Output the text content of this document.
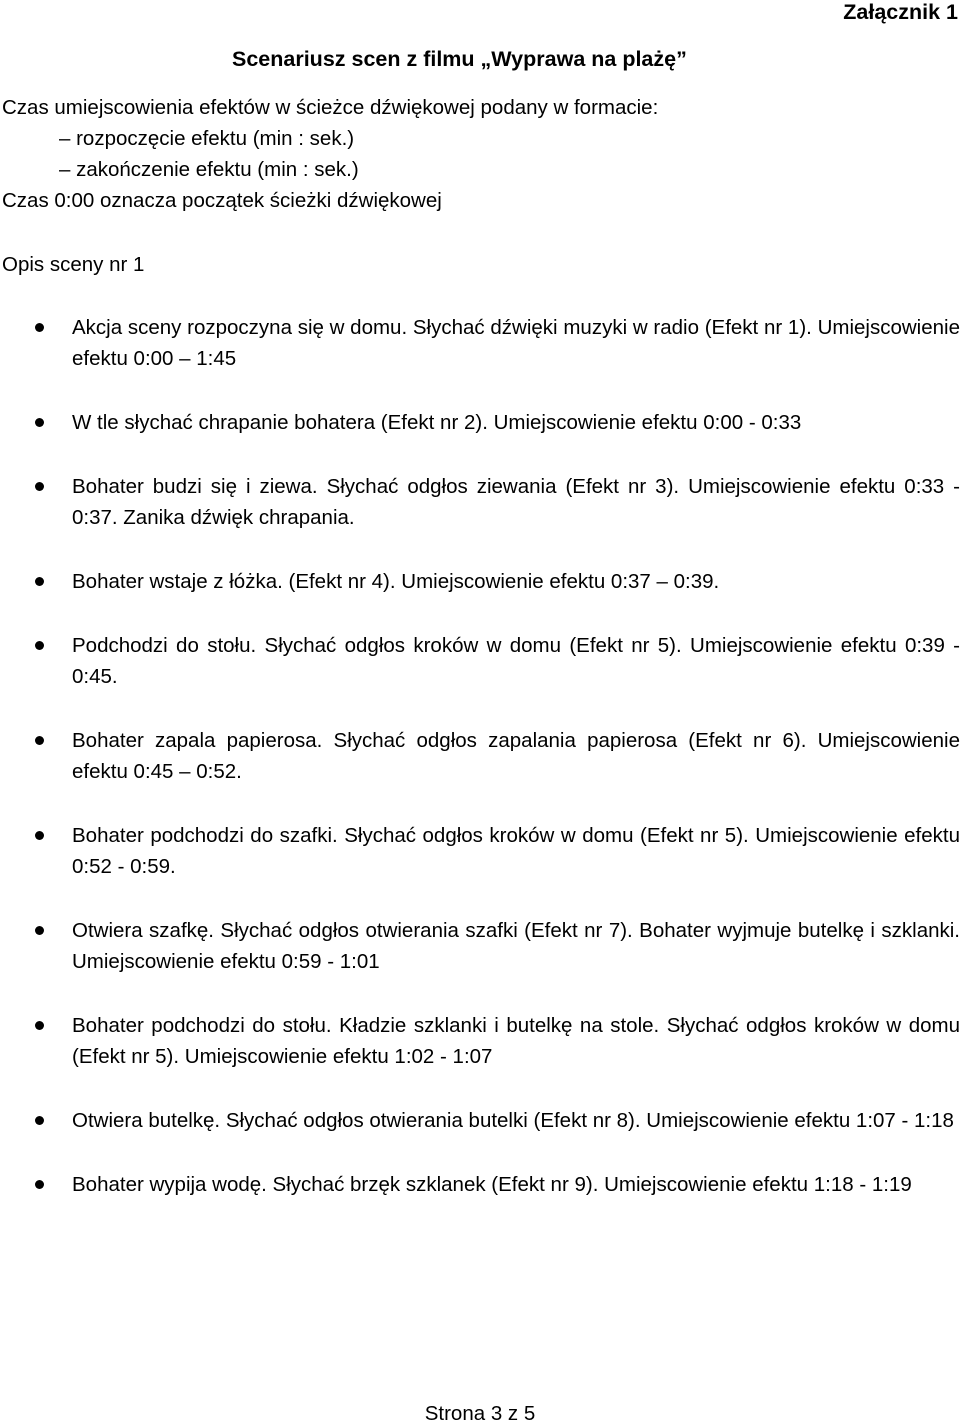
Załącznik 1
Scenariusz scen z filmu „Wyprawa na plażę”
Czas umiejscowienia efektów w ścieżce dźwiękowej podany w formacie:
– rozpoczęcie efektu (min : sek.)
– zakończenie efektu (min : sek.)
Czas 0:00 oznacza początek ścieżki dźwiękowej
Opis sceny nr 1
Akcja sceny rozpoczyna się w domu. Słychać dźwięki muzyki w radio (Efekt nr 1). Umiejscowienie efektu 0:00 – 1:45
W tle słychać chrapanie bohatera (Efekt nr 2). Umiejscowienie efektu 0:00 - 0:33
Bohater budzi się i ziewa. Słychać odgłos ziewania (Efekt nr 3). Umiejscowienie efektu 0:33 - 0:37. Zanika dźwięk chrapania.
Bohater wstaje z łóżka. (Efekt nr 4). Umiejscowienie efektu 0:37 – 0:39.
Podchodzi do stołu. Słychać odgłos kroków w domu (Efekt nr 5). Umiejscowienie efektu 0:39 - 0:45.
Bohater zapala papierosa. Słychać odgłos zapalania papierosa (Efekt nr 6). Umiejscowienie efektu 0:45 – 0:52.
Bohater podchodzi do szafki. Słychać odgłos kroków w domu (Efekt nr 5). Umiejscowienie efektu 0:52 - 0:59.
Otwiera szafkę. Słychać odgłos otwierania szafki (Efekt nr 7). Bohater wyjmuje butelkę i szklanki. Umiejscowienie efektu 0:59 - 1:01
Bohater podchodzi do stołu. Kładzie szklanki i butelkę na stole. Słychać odgłos kroków w domu (Efekt nr 5). Umiejscowienie efektu 1:02 - 1:07
Otwiera butelkę. Słychać odgłos otwierania butelki (Efekt nr 8). Umiejscowienie efektu 1:07 - 1:18
Bohater wypija wodę. Słychać brzęk szklanek (Efekt nr 9). Umiejscowienie efektu 1:18 - 1:19
Strona 3 z 5
